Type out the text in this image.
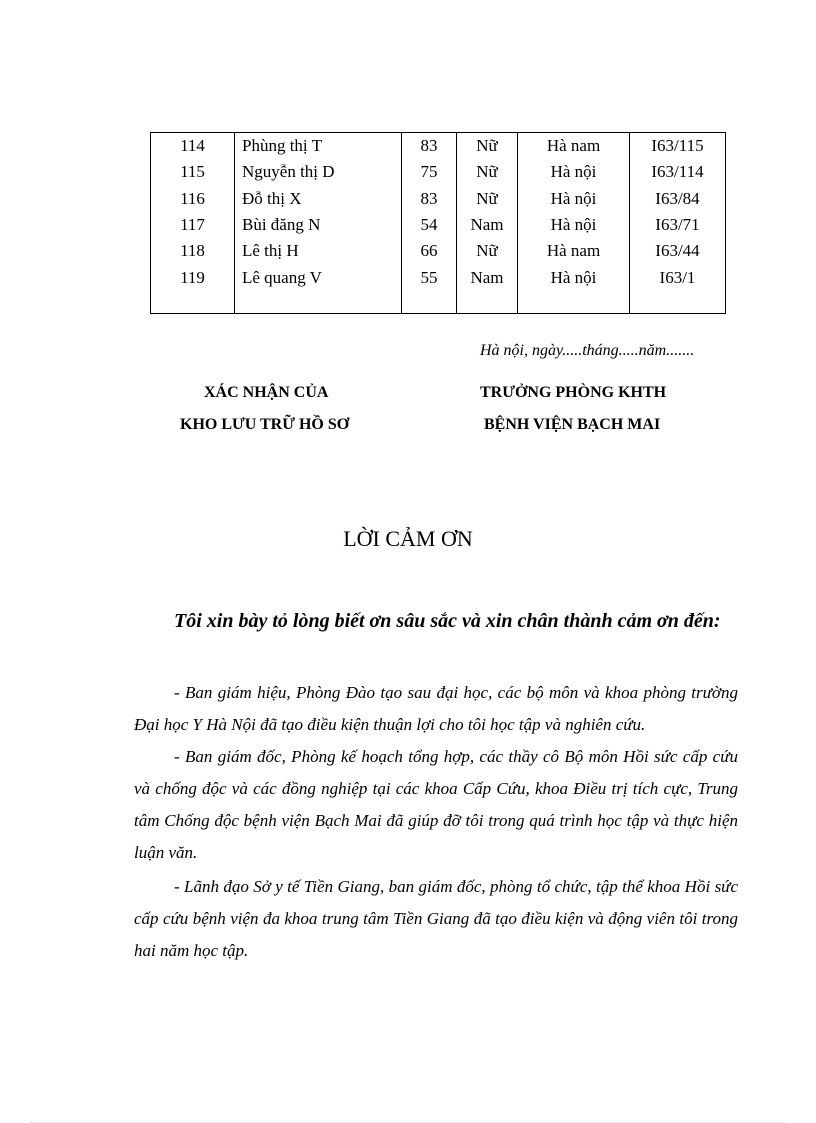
114	Phùng thị T	83	Nữ	Hà nam	I63/115
115	Nguyễn thị D	75	Nữ	Hà nội	I63/114
116	Đỗ thị X	83	Nữ	Hà nội	I63/84
117	Bùi đăng N	54	Nam	Hà nội	I63/71
118	Lê thị H	66	Nữ	Hà nam	I63/44
119	Lê quang V	55	Nam	Hà nội	I63/1

Hà nội, ngày.....tháng.....năm.......
XÁC NHẬN CỦA
KHO LƯU TRỮ HỒ SƠ
TRƯỞNG PHÒNG KHTH
BỆNH VIỆN BẠCH MAI
LỜI CẢM ƠN
Tôi xin bày tỏ lòng biết ơn sâu sắc và xin chân thành cảm ơn đến:
- Ban giám hiệu, Phòng Đào tạo sau đại học, các bộ môn và khoa phòng trường Đại học Y Hà Nội đã tạo điều kiện thuận lợi cho tôi học tập và nghiên cứu.
- Ban giám đốc, Phòng kế hoạch tổng hợp, các thầy cô Bộ môn Hồi sức cấp cứu và chống độc và các đồng nghiệp tại các khoa Cấp Cứu, khoa Điều trị tích cực, Trung tâm Chống độc bệnh viện Bạch Mai đã giúp đỡ tôi trong quá trình học tập và thực hiện luận văn.
- Lãnh đạo Sở y tế Tiền Giang, ban giám đốc, phòng tổ chức, tập thể khoa Hồi sức cấp cứu bệnh viện đa khoa trung tâm Tiền Giang đã tạo điều kiện và động viên tôi trong hai năm học tập.
